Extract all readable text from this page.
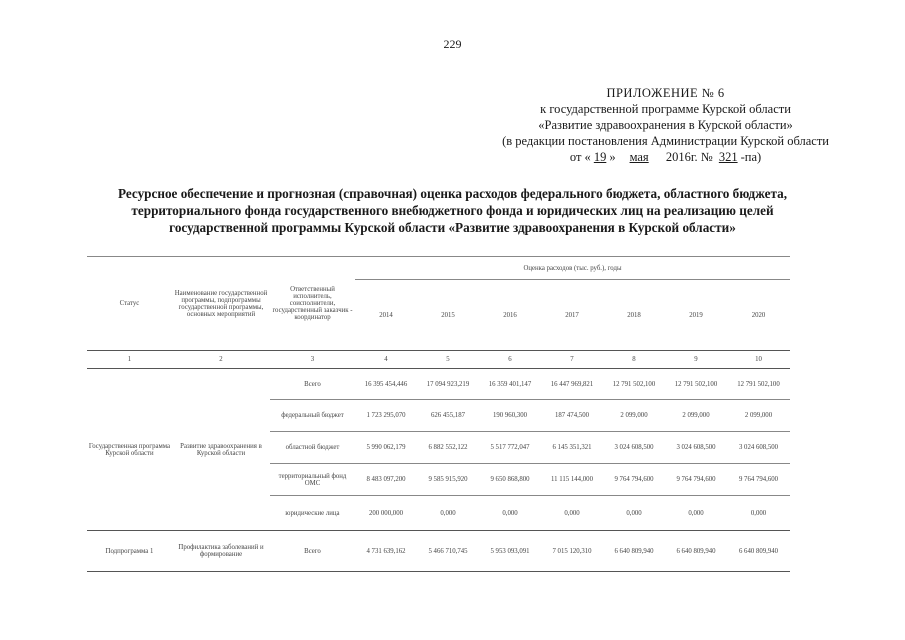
229
ПРИЛОЖЕНИЕ № 6
к государственной программе Курской области
«Развитие здравоохранения в Курской области»
(в редакции постановления Администрации Курской области
от « 19 » мая 2016г. № 321 -па)
Ресурсное обеспечение и прогнозная (справочная) оценка расходов федерального бюджета, областного бюджета,
территориального фонда государственного внебюджетного фонда и юридических лиц на реализацию целей
государственной программы Курской области «Развитие здравоохранения в Курской области»
Статус	Наименование государственной программы, подпрограммы государственной программы, основных мероприятий	Ответственный исполнитель, соисполнители, государственный заказчик - координатор	Оценка расходов (тыс. руб.), годы						
			2014	2015	2016	2017	2018	2019	2020
1	2	3	4	5	6	7	8	9	10
Государственная программа Курской области	Развитие здравоохранения в Курской области	Всего	16 395 454,446	17 094 923,219	16 359 401,147	16 447 969,821	12 791 502,100	12 791 502,100	12 791 502,100
		федеральный бюджет	1 723 295,070	626 455,187	190 960,300	187 474,500	2 099,000	2 099,000	2 099,000
		областной бюджет	5 990 062,179	6 882 552,122	5 517 772,047	6 145 351,321	3 024 608,500	3 024 608,500	3 024 608,500
		территориальный фонд ОМС	8 483 097,200	9 585 915,920	9 650 868,800	11 115 144,000	9 764 794,600	9 764 794,600	9 764 794,600
		юридические лица	200 000,000	0,000	0,000	0,000	0,000	0,000	0,000
Подпрограмма 1	Профилактика заболеваний и формирование	Всего	4 731 639,162	5 466 710,745	5 953 093,091	7 015 120,310	6 640 809,940	6 640 809,940	6 640 809,940
